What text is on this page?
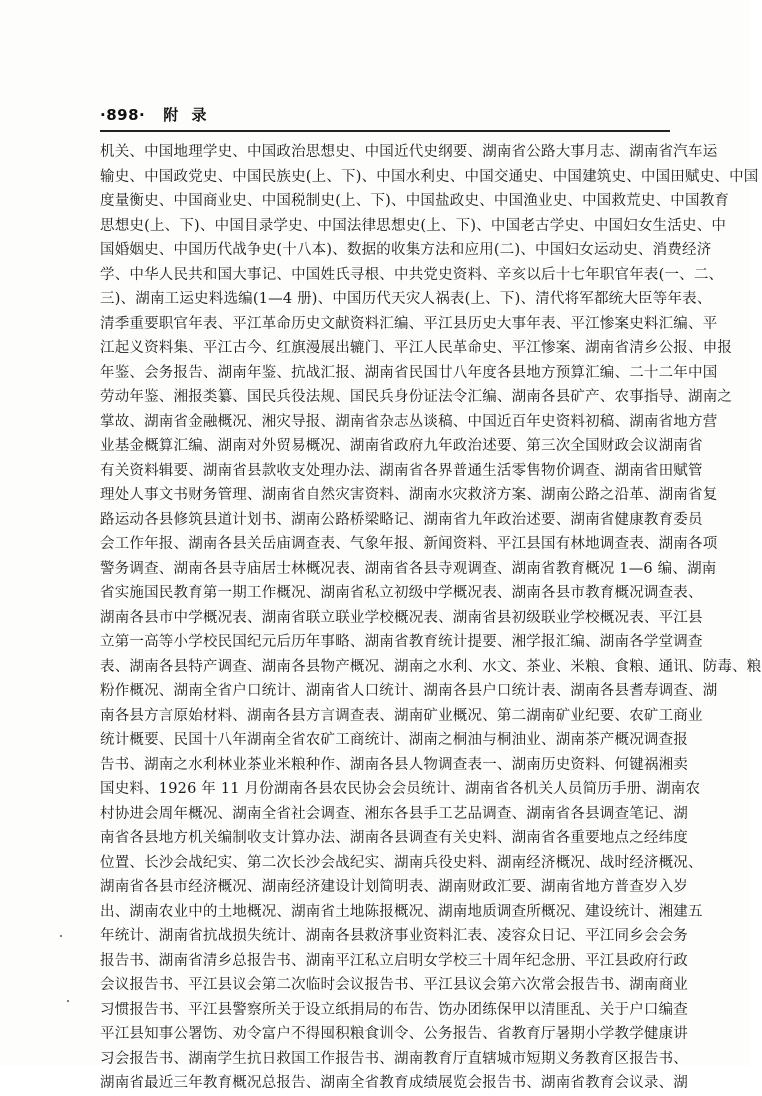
·898· 附 录
机关、中国地理学史、中国政治思想史、中国近代史纲要、湖南省公路大事月志、湖南省汽车运
输史、中国政党史、中国民族史(上、下)、中国水利史、中国交通史、中国建筑史、中国田赋史、中国
度量衡史、中国商业史、中国税制史(上、下)、中国盐政史、中国渔业史、中国救荒史、中国教育
思想史(上、下)、中国目录学史、中国法律思想史(上、下)、中国老古学史、中国妇女生活史、中
国婚姻史、中国历代战争史(十八本)、数据的收集方法和应用(二)、中国妇女运动史、消费经济
学、中华人民共和国大事记、中国姓氏寻根、中共党史资料、辛亥以后十七年职官年表(一、二、
三)、湖南工运史料选编(1—4 册)、中国历代天灾人祸表(上、下)、清代将军都统大臣等年表、
清季重要职官年表、平江革命历史文献资料汇编、平江县历史大事年表、平江惨案史料汇编、平
江起义资料集、平江古今、红旗漫展出辘门、平江人民革命史、平江惨案、湖南省清乡公报、申报
年鉴、会务报告、湖南年鉴、抗战汇报、湖南省民国廿八年度各县地方预算汇编、二十二年中国
劳动年鉴、湘报类纂、国民兵役法规、国民兵身份证法令汇编、湖南各县矿产、农事指导、湖南之
掌故、湖南省金融概况、湘灾导报、湖南省杂志丛谈稿、中国近百年史资料初稿、湖南省地方营
业基金概算汇编、湖南对外贸易概况、湖南省政府九年政治述要、第三次全国财政会议湖南省
有关资料辑要、湖南省县款收支处理办法、湖南省各界普通生活零售物价调查、湖南省田赋管
理处人事文书财务管理、湖南省自然灾害资料、湖南水灾救济方案、湖南公路之沿革、湖南省复
路运动各县修筑县道计划书、湖南公路桥梁略记、湖南省九年政治述要、湖南省健康教育委员
会工作年报、湖南各县关岳庙调查表、气象年报、新闻资料、平江县国有林地调查表、湖南各项
警务调查、湖南各县寺庙居士林概况表、湖南省各县寺观调查、湖南省教育概况 1—6 编、湖南
省实施国民教育第一期工作概况、湖南省私立初级中学概况表、湖南各县市教育概况调查表、
湖南各县市中学概况表、湖南省联立联业学校概况表、湖南省县初级联业学校概况表、平江县
立第一高等小学校民国纪元后历年事略、湖南省教育统计提要、湘学报汇编、湖南各学堂调查
表、湖南各县特产调查、湖南各县物产概况、湖南之水利、水文、茶业、米粮、食粮、通讯、防毒、粮
粉作概况、湖南全省户口统计、湖南省人口统计、湖南各县户口统计表、湖南各县耆寿调查、湖
南各县方言原始材料、湖南各县方言调查表、湖南矿业概况、第二湖南矿业纪要、农矿工商业
统计概要、民国十八年湖南全省农矿工商统计、湖南之桐油与桐油业、湖南茶产概况调查报
告书、湖南之水利林业茶业米粮种作、湖南各县人物调查表一、湖南历史资料、何键祸湘卖
国史料、1926 年 11 月份湖南各县农民协会会员统计、湖南省各机关人员简历手册、湖南农
村协进会周年概况、湖南全省社会调查、湘东各县手工艺品调查、湖南省各县调查笔记、湖
南省各县地方机关编制收支计算办法、湖南各县调查有关史料、湖南省各重要地点之经纬度
位置、长沙会战纪实、第二次长沙会战纪实、湖南兵役史料、湖南经济概况、战时经济概况、
湖南省各县市经济概况、湖南经济建设计划简明表、湖南财政汇要、湖南省地方普查岁入岁
出、湖南农业中的土地概况、湖南省土地陈报概况、湖南地质调查所概况、建设统计、湘建五
年统计、湖南省抗战损失统计、湖南各县救济事业资料汇表、凌容众日记、平江同乡会会务
报告书、湖南省清乡总报告书、湖南平江私立启明女学校三十周年纪念册、平江县政府行政
会议报告书、平江县议会第二次临时会议报告书、平江县议会第六次常会报告书、湖南商业
习惯报告书、平江县警察所关于设立纸捐局的布告、饬办团练保甲以清匪乱、关于户口编查
平江县知事公署饬、劝令富户不得囤积粮食训令、公务报告、省教育厅暑期小学教学健康讲
习会报告书、湖南学生抗日救国工作报告书、湖南教育厅直辖城市短期义务教育区报告书、
湖南省最近三年教育概况总报告、湖南全省教育成绩展览会报告书、湖南省教育会议录、湖
